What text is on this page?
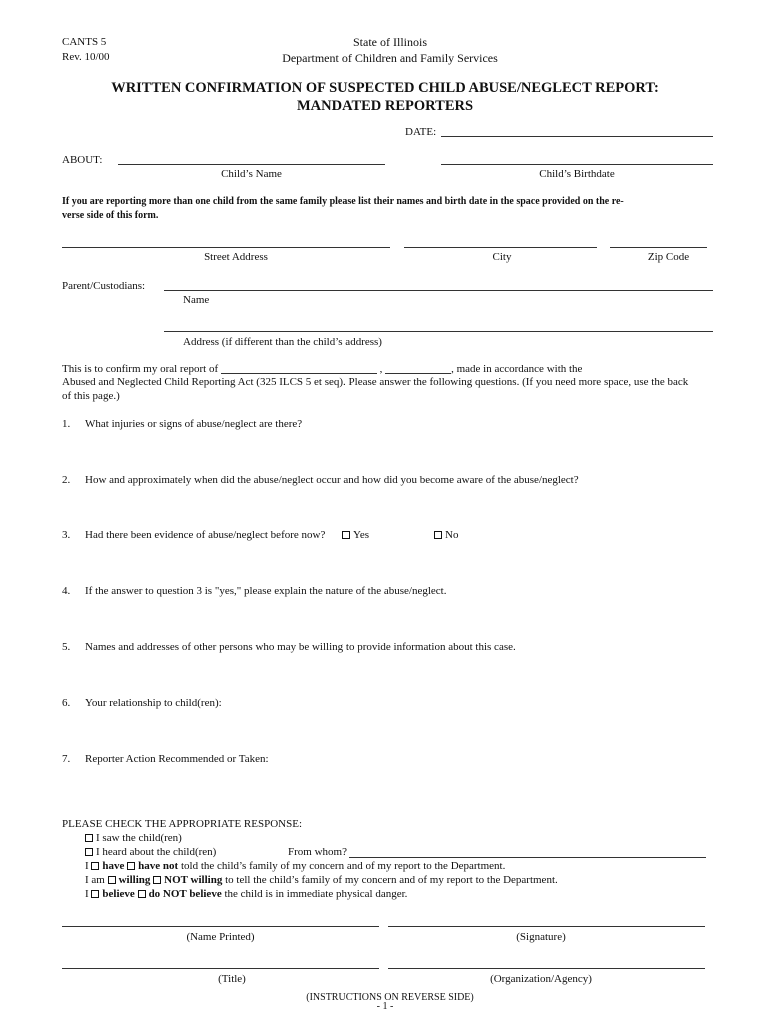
CANTS 5
Rev. 10/00
State of Illinois
Department of Children and Family Services
WRITTEN CONFIRMATION OF SUSPECTED CHILD ABUSE/NEGLECT REPORT:
MANDATED REPORTERS
DATE:
ABOUT:
Child’s Name	Child’s Birthdate
If you are reporting more than one child from the same family please list their names and birth date in the space provided on the re-
verse side of this form.
Street Address	City	Zip Code
Parent/Custodians:
Name
Address (if different than the child’s address)
This is to confirm my oral report of	,	, made in accordance with the
Abused and Neglected Child Reporting Act (325 ILCS 5 et seq). Please answer the following questions. (If you need more space, use the back
of this page.)
1. What injuries or signs of abuse/neglect are there?
2. How and approximately when did the abuse/neglect occur and how did you become aware of the abuse/neglect?
3. Had there been evidence of abuse/neglect before now?	Yes	No
4. If the answer to question 3 is "yes," please explain the nature of the abuse/neglect.
5. Names and addresses of other persons who may be willing to provide information about this case.
6. Your relationship to child(ren):
7. Reporter Action Recommended or Taken:
PLEASE CHECK THE APPROPRIATE RESPONSE:
I saw the child(ren)
I heard about the child(ren)	From whom?
I have have not told the child’s family of my concern and of my report to the Department.
I am willing NOT willing to tell the child’s family of my concern and of my report to the Department.
I believe do NOT believe the child is in immediate physical danger.
(Name Printed)	(Signature)
(Title)	(Organization/Agency)
(INSTRUCTIONS ON REVERSE SIDE)
- 1 -
